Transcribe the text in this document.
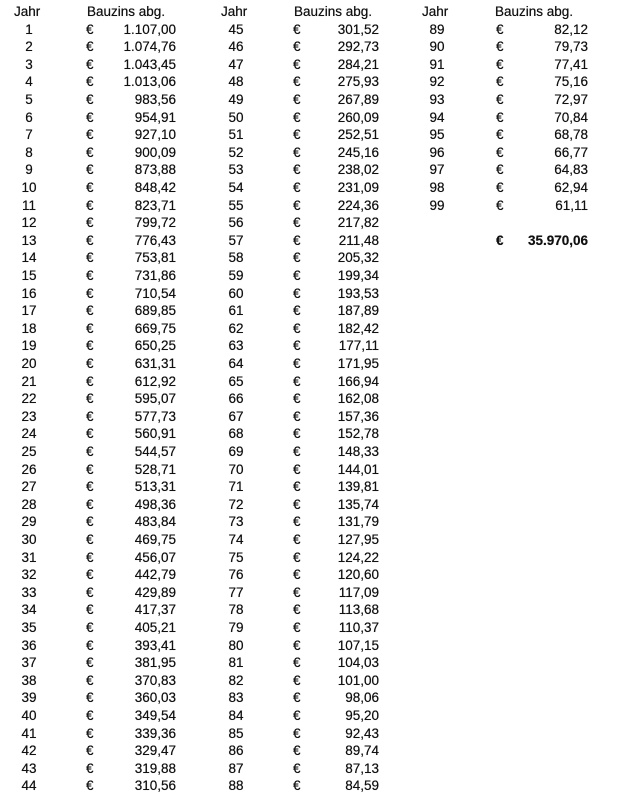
Jahr	Bauzins abg.
1	€	1.107,00
2	€	1.074,76
3	€	1.043,45
4	€	1.013,06
5	€	983,56
6	€	954,91
7	€	927,10
8	€	900,09
9	€	873,88
10	€	848,42
11	€	823,71
12	€	799,72
13	€	776,43
14	€	753,81
15	€	731,86
16	€	710,54
17	€	689,85
18	€	669,75
19	€	650,25
20	€	631,31
21	€	612,92
22	€	595,07
23	€	577,73
24	€	560,91
25	€	544,57
26	€	528,71
27	€	513,31
28	€	498,36
29	€	483,84
30	€	469,75
31	€	456,07
32	€	442,79
33	€	429,89
34	€	417,37
35	€	405,21
36	€	393,41
37	€	381,95
38	€	370,83
39	€	360,03
40	€	349,54
41	€	339,36
42	€	329,47
43	€	319,88
44	€	310,56
Jahr	Bauzins abg.
45	€	301,52
46	€	292,73
47	€	284,21
48	€	275,93
49	€	267,89
50	€	260,09
51	€	252,51
52	€	245,16
53	€	238,02
54	€	231,09
55	€	224,36
56	€	217,82
57	€	211,48
58	€	205,32
59	€	199,34
60	€	193,53
61	€	187,89
62	€	182,42
63	€	177,11
64	€	171,95
65	€	166,94
66	€	162,08
67	€	157,36
68	€	152,78
69	€	148,33
70	€	144,01
71	€	139,81
72	€	135,74
73	€	131,79
74	€	127,95
75	€	124,22
76	€	120,60
77	€	117,09
78	€	113,68
79	€	110,37
80	€	107,15
81	€	104,03
82	€	101,00
83	€	98,06
84	€	95,20
85	€	92,43
86	€	89,74
87	€	87,13
88	€	84,59
Jahr	Bauzins abg.
89	€	82,12
90	€	79,73
91	€	77,41
92	€	75,16
93	€	72,97
94	€	70,84
95	€	68,78
96	€	66,77
97	€	64,83
98	€	62,94
99	€	61,11
€	35.970,06
